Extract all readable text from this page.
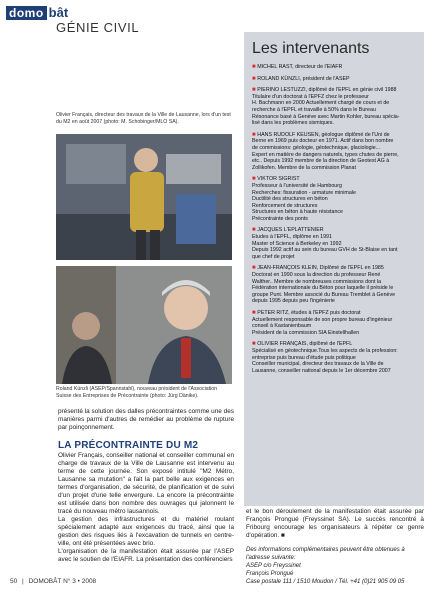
domo bât
GÉNIE CIVIL
Olivier Français, directeur des travaux de la Ville de Lausanne, lors d'un test du M2 en août 2007 (photo: M. Schobinger/MLO SA).
Roland Künzli (ASEP/Spannstahl), nouveau président de l'Association Suisse des Entreprises de Précontrainte (photo: Jürg Dänike).
présenté la solution des dalles précontraintes comme une des manières parmi d'autres de remédier au problème de rupture par poinçonnement.
LA PRÉCONTRAINTE DU M2
Olivier Français, conseiller national et conseiller communal en charge de travaux de la Ville de Lausanne est intervenu au terme de cette journée. Son exposé intitulé "M2 Métro, Lausanne sa mutation" a fait la part belle aux exigences en termes d'organisation, de sécurité, de planification et de suivi d'un projet d'une telle envergure. La encore la précontrainte est utilisée dans bon nombre des ouvrages qui jalonnent le tracé du nouveau métro lausannois.
La gestion des infrastructures et du matériel roulant spécialement adapté aux exigences du tracé, ainsi que la gestion des risques liés à l'excavation de tunnels en centre-ville, ont été présentées avec brio.
L'organisation de la manifestation était assurée par l'ASEP avec le soutien de l'EIAFR. La présentation des conférenciers
Les intervenants
■ MICHEL RAST, directeur de l'EIAFR
■ ROLAND KÜNZLI, président de l'ASEP
■ PIERINO LESTUZZI, diplômé de l'EPFL en génie civil 1988
Titulaire d'un doctorat à l'EPFZ chez le professeur
H. Bachmann en 2000 Actuellement chargé de cours et de
recherche à l'EPFL et travaille à 50% dans le Bureau
Résonance basé à Genève avec Martin Kohler, bureau spécia-
lisé dans les problèmes sismiques.
■ HANS RUDOLF KEUSEN, géologue diplômé de l'Uni de
Berne en 1969 puis docteur en 1971. Actif dans bon nombre
de commissions: géologie, géotechnique, glaciologie...
Expert en matière de dangers naturels, types chutes de pierre,
etc.. Depuis 1992 membre de la direction de Geotest AG à
Zollikofen. Membre de la commission Planat
■ VIKTOR SIGRIST
Professeur à l'université de Hambourg
Recherches: fissuration - armature minimale
Ductilité des structures en béton
Renforcement de structures
Structures en béton à haute résistance
Précontrainte des ponts
■ JACQUES L'EPLATTENIER
Etudes à l'EPFL, diplôme en 1991
Master of Science à Berkeley en 1992
Depuis 1992 actif au sein du bureau GVH de St-Blaise en tant
que chef de projet
■ JEAN-FRANÇOIS KLEIN, Diplômé de l'EPFL en 1985
Doctorat en 1990 sous la direction du professeur René
Walther.. Membre de nombreuses commissions dont la
Fédération internationale du Béton pour laquelle il préside le
groupe Punt. Membre associé du Bureau Tremblet à Genève
depuis 1995 depuis peu l'ingénierie
■ PETER RITZ, études à l'EPFZ puis doctorat
Actuellement responsable de son propre bureau d'ingénieur
conseil à Kastanienbaum
Président de la commission SIA Einstellhallen
■ OLIVIER FRANÇAIS, diplômé de l'EPFL
Spécialisé en géotechnique.Tous les aspects de la profession:
entreprise puis bureau d'étude puis politique
Conseiller municipal, directeur des travaux de la Ville de
Lausanne, conseiller national depuis le 1er décembre 2007
et le bon déroulement de la manifestation était assurée par François Prongué (Freyssinet SA). Le succès rencontré à Fribourg encourage les organisateurs à répéter ce genre d'opération. ■
Des informations complémentaires peuvent être obtenues à l'adresse suivante:
ASEP c/o Freyssinet
François Prongué
Case postale 111 / 1510 Moudon / Tél. +41 (0)21 905 09 05
50 | DOMOBÂT N° 3 • 2008
